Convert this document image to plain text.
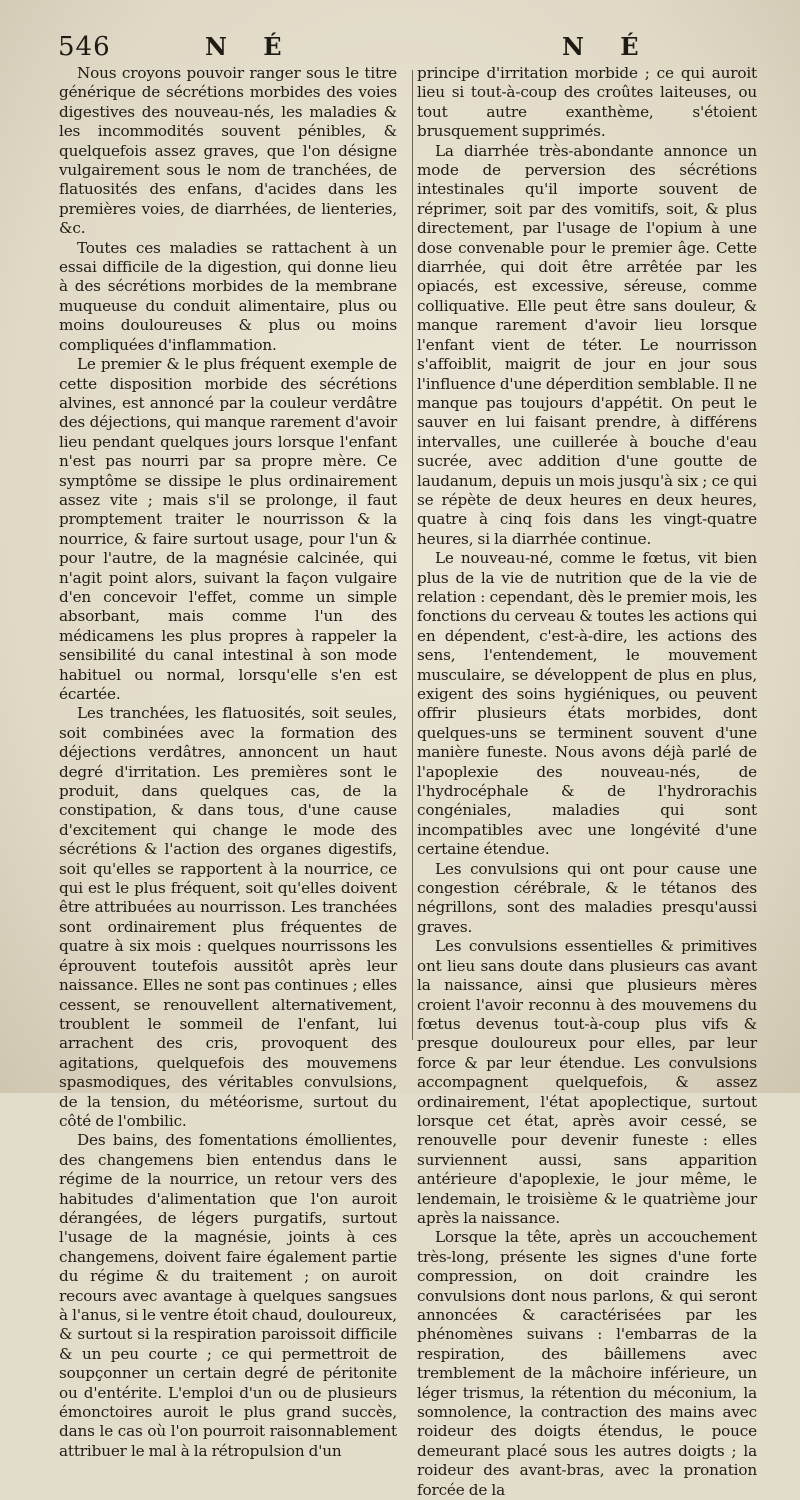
546	N É	N É

Nous croyons pouvoir ranger sous le titre générique de sécrétions morbides des voies digestives des nouveau-nés, les maladies & les incommodités souvent pénibles, & quelquefois assez graves, que l'on désigne vulgairement sous le nom de tranchées, de flatuosités des enfans, d'acides dans les premières voies, de diarrhées, de lienteries, &c.

Toutes ces maladies se rattachent à un essai difficile de la digestion, qui donne lieu à des sécrétions morbides de la membrane muqueuse du conduit alimentaire, plus ou moins douloureuses & plus ou moins compliquées d'inflammation.

Le premier & le plus fréquent exemple de cette disposition morbide des sécrétions alvines, est annoncé par la couleur verdâtre des déjections, qui manque rarement d'avoir lieu pendant quelques jours lorsque l'enfant n'est pas nourri par sa propre mère. Ce symptôme se dissipe le plus ordinairement assez vite ; mais s'il se prolonge, il faut promptement traiter le nourrisson & la nourrice, & faire surtout usage, pour l'un & pour l'autre, de la magnésie calcinée, qui n'agit point alors, suivant la façon vulgaire d'en concevoir l'effet, comme un simple absorbant, mais comme l'un des médicamens les plus propres à rappeler la sensibilité du canal intestinal à son mode habituel ou normal, lorsqu'elle s'en est écartée.

Les tranchées, les flatuosités, soit seules, soit combinées avec la formation des déjections verdâtres, annoncent un haut degré d'irritation. Les premières sont le produit, dans quelques cas, de la constipation, & dans tous, d'une cause d'excitement qui change le mode des sécrétions & l'action des organes digestifs, soit qu'elles se rapportent à la nourrice, ce qui est le plus fréquent, soit qu'elles doivent être attribuées au nourrisson. Les tranchées sont ordinairement plus fréquentes de quatre à six mois : quelques nourrissons les éprouvent toutefois aussitôt après leur naissance. Elles ne sont pas continues ; elles cessent, se renouvellent alternativement, troublent le sommeil de l'enfant, lui arrachent des cris, provoquent des agitations, quelquefois des mouvemens spasmodiques, des véritables convulsions, de la tension, du météorisme, surtout du côté de l'ombilic.

Des bains, des fomentations émollientes, des changemens bien entendus dans le régime de la nourrice, un retour vers des habitudes d'alimentation que l'on auroit dérangées, de légers purgatifs, surtout l'usage de la magnésie, joints à ces changemens, doivent faire également partie du régime & du traitement ; on auroit recours avec avantage à quelques sangsues à l'anus, si le ventre étoit chaud, douloureux, & surtout si la respiration paroissoit difficile & un peu courte ; ce qui permettroit de soupçonner un certain degré de péritonite ou d'entérite. L'emploi d'un ou de plusieurs émonctoires auroit le plus grand succès, dans le cas où l'on pourroit raisonnablement attribuer le mal à la rétropulsion d'un

principe d'irritation morbide ; ce qui auroit lieu si tout-à-coup des croûtes laiteuses, ou tout autre exanthème, s'étoient brusquement supprimés.

La diarrhée très-abondante annonce un mode de perversion des sécrétions intestinales qu'il importe souvent de réprimer, soit par des vomitifs, soit, & plus directement, par l'usage de l'opium à une dose convenable pour le premier âge. Cette diarrhée, qui doit être arrêtée par les opiacés, est excessive, séreuse, comme colliquative. Elle peut être sans douleur, & manque rarement d'avoir lieu lorsque l'enfant vient de téter. Le nourrisson s'affoiblit, maigrit de jour en jour sous l'influence d'une déperdition semblable. Il ne manque pas toujours d'appétit. On peut le sauver en lui faisant prendre, à différens intervalles, une cuillerée à bouche d'eau sucrée, avec addition d'une goutte de laudanum, depuis un mois jusqu'à six ; ce qui se répète de deux heures en deux heures, quatre à cinq fois dans les vingt-quatre heures, si la diarrhée continue.

Le nouveau-né, comme le fœtus, vit bien plus de la vie de nutrition que de la vie de relation : cependant, dès le premier mois, les fonctions du cerveau & toutes les actions qui en dépendent, c'est-à-dire, les actions des sens, l'entendement, le mouvement musculaire, se développent de plus en plus, exigent des soins hygiéniques, ou peuvent offrir plusieurs états morbides, dont quelques-uns se terminent souvent d'une manière funeste. Nous avons déjà parlé de l'apoplexie des nouveau-nés, de l'hydrocéphale & de l'hydrorachis congéniales, maladies qui sont incompatibles avec une longévité d'une certaine étendue.

Les convulsions qui ont pour cause une congestion cérébrale, & le tétanos des négrillons, sont des maladies presqu'aussi graves.

Les convulsions essentielles & primitives ont lieu sans doute dans plusieurs cas avant la naissance, ainsi que plusieurs mères croient l'avoir reconnu à des mouvemens du fœtus devenus tout-à-coup plus vifs & presque douloureux pour elles, par leur force & par leur étendue. Les convulsions accompagnent quelquefois, & assez ordinairement, l'état apoplectique, surtout lorsque cet état, après avoir cessé, se renouvelle pour devenir funeste : elles surviennent aussi, sans apparition antérieure d'apoplexie, le jour même, le lendemain, le troisième & le quatrième jour après la naissance.

Lorsque la tête, après un accouchement très-long, présente les signes d'une forte compression, on doit craindre les convulsions dont nous parlons, & qui seront annoncées & caractérisées par les phénomènes suivans : l'embarras de la respiration, des bâillemens avec tremblement de la mâchoire inférieure, un léger trismus, la rétention du méconium, la somnolence, la contraction des mains avec roideur des doigts étendus, le pouce demeurant placé sous les autres doigts ; la roideur des avant-bras, avec la pronation forcée de la
